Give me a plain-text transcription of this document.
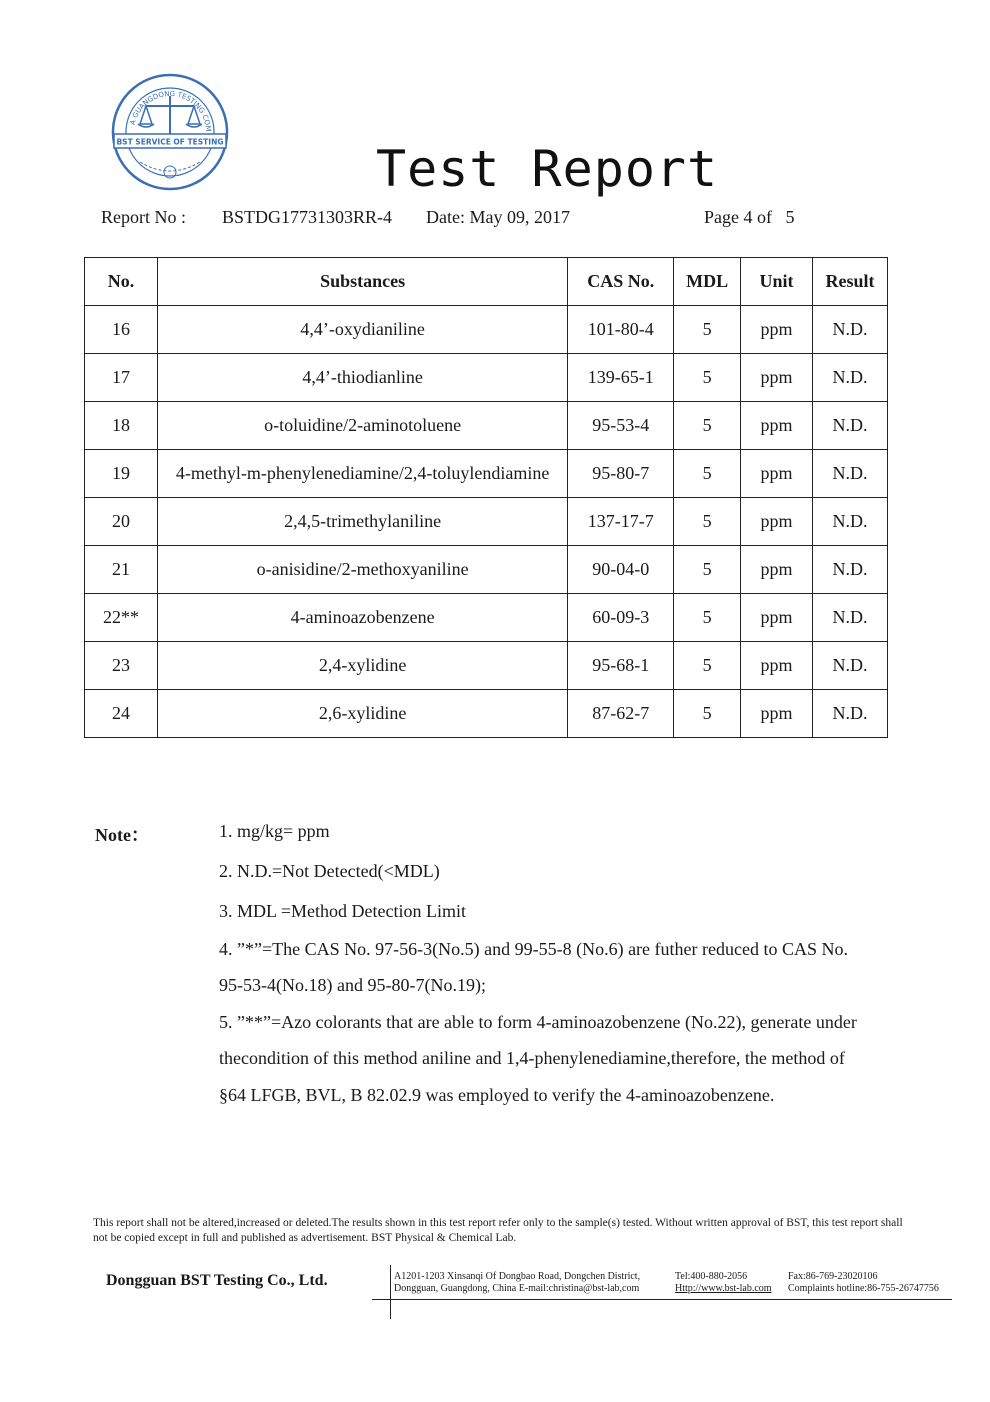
A GUANGDONG TESTING COM
BST SERVICE OF TESTING	Test Report
Report No : BSTDG17731303RR-4 Date: May 09, 2017	Page 4 of   5
No.	Substances	CAS No.	MDL	Unit	Result
16	4,4’-oxydianiline	101-80-4	5	ppm	N.D.
17	4,4’-thiodianline	139-65-1	5	ppm	N.D.
18	o-toluidine/2-aminotoluene	95-53-4	5	ppm	N.D.
19	4-methyl-m-phenylenediamine/2,4-toluylendiamine	95-80-7	5	ppm	N.D.
20	2,4,5-trimethylaniline	137-17-7	5	ppm	N.D.
21	o-anisidine/2-methoxyaniline	90-04-0	5	ppm	N.D.
22**	4-aminoazobenzene	60-09-3	5	ppm	N.D.
23	2,4-xylidine	95-68-1	5	ppm	N.D.
24	2,6-xylidine	87-62-7	5	ppm	N.D.
Note：	1. mg/kg= ppm
2. N.D.=Not Detected(<MDL)
3. MDL =Method Detection Limit
4. ”*”=The CAS No. 97-56-3(No.5) and 99-55-8 (No.6) are futher reduced to CAS No.
95-53-4(No.18) and 95-80-7(No.19);
5. ”**”=Azo colorants that are able to form 4-aminoazobenzene (No.22), generate under
thecondition of this method aniline and 1,4-phenylenediamine,therefore, the method of
§64 LFGB, BVL, B 82.02.9 was employed to verify the 4-aminoazobenzene.
This report shall not be altered,increased or deleted.The results shown in this test report refer only to the sample(s) tested. Without written approval of BST, this test report shall not be copied except in full and published as advertisement. BST Physical & Chemical Lab.
Dongguan BST Testing Co., Ltd.	A1201-1203 Xinsanqi Of Dongbao Road, Dongchen District,
Dongguan, Guangdong, China E-mail:christina@bst-lab,com
Tel:400-880-2056
Http://www.bst-lab.com
Fax:86-769-23020106
Complaints hotline:86-755-26747756
